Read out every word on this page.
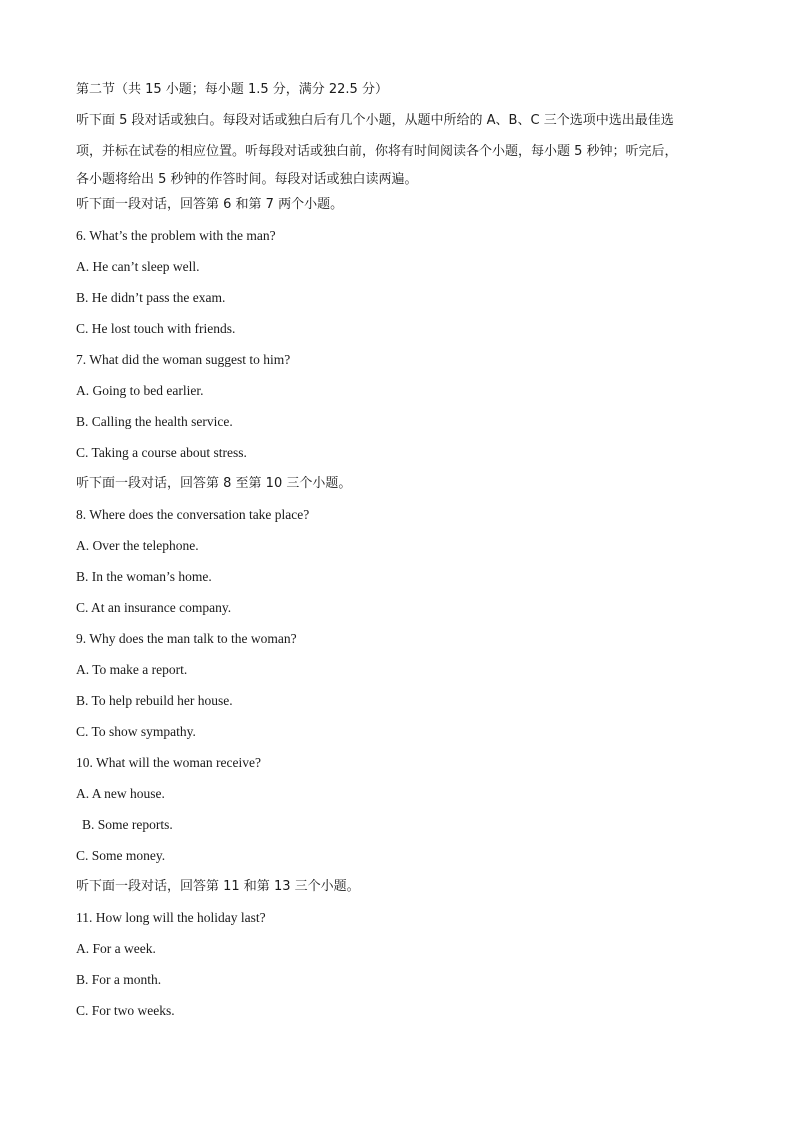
第二节（共 15 小题；每小题 1.5 分，满分 22.5 分）
听下面 5 段对话或独白。每段对话或独白后有几个小题，从题中所给的 A、B、C 三个选项中选出最佳选
项，并标在试卷的相应位置。听每段对话或独白前，你将有时间阅读各个小题，每小题 5 秒钟；听完后，
各小题将给出 5 秒钟的作答时间。每段对话或独白读两遍。
听下面一段对话，回答第 6 和第 7 两个小题。
6. What’s the problem with the man?
A. He can’t sleep well.
B. He didn’t pass the exam.
C. He lost touch with friends.
7. What did the woman suggest to him?
A. Going to bed earlier.
B. Calling the health service.
C. Taking a course about stress.
听下面一段对话，回答第 8 至第 10 三个小题。
8. Where does the conversation take place?
A. Over the telephone.
B. In the woman’s home.
C. At an insurance company.
9. Why does the man talk to the woman?
A. To make a report.
B. To help rebuild her house.
C. To show sympathy.
10. What will the woman receive?
A. A new house.
B. Some reports.
C. Some money.
听下面一段对话，回答第 11 和第 13 三个小题。
11. How long will the holiday last?
A. For a week.
B. For a month.
C. For two weeks.
